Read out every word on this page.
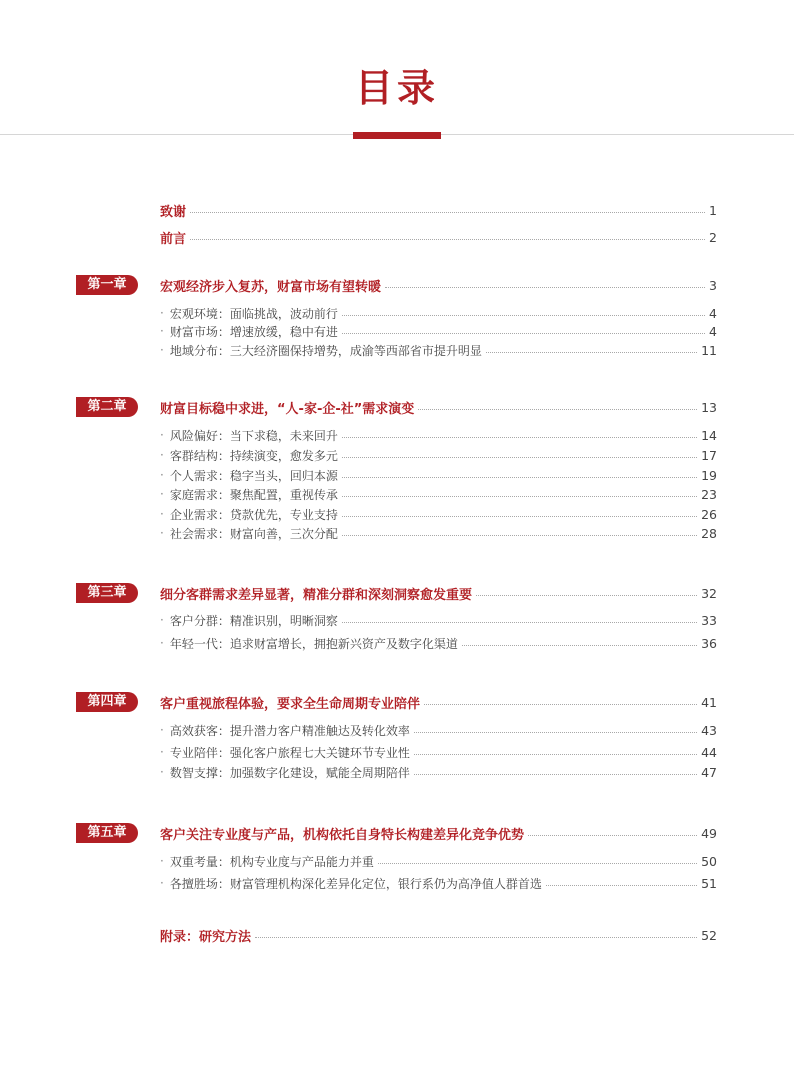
目录
致谢	1
前言	2
第一章	宏观经济步入复苏，财富市场有望转暖	3
· 宏观环境：面临挑战，波动前行	4
· 财富市场：增速放缓，稳中有进	4
· 地域分布：三大经济圈保持增势，成渝等西部省市提升明显	11
第二章	财富目标稳中求进，“人-家-企-社”需求演变	13
· 风险偏好：当下求稳，未来回升	14
· 客群结构：持续演变，愈发多元	17
· 个人需求：稳字当头，回归本源	19
· 家庭需求：聚焦配置，重视传承	23
· 企业需求：贷款优先，专业支持	26
· 社会需求：财富向善，三次分配	28
第三章	细分客群需求差异显著，精准分群和深刻洞察愈发重要	32
· 客户分群：精准识别，明晰洞察	33
· 年轻一代：追求财富增长，拥抱新兴资产及数字化渠道	36
第四章	客户重视旅程体验，要求全生命周期专业陪伴	41
· 高效获客：提升潜力客户精准触达及转化效率	43
· 专业陪伴：强化客户旅程七大关键环节专业性	44
· 数智支撑：加强数字化建设，赋能全周期陪伴	47
第五章	客户关注专业度与产品，机构依托自身特长构建差异化竞争优势	49
· 双重考量：机构专业度与产品能力并重	50
· 各擅胜场：财富管理机构深化差异化定位，银行系仍为高净值人群首选	51
附录：研究方法	52
